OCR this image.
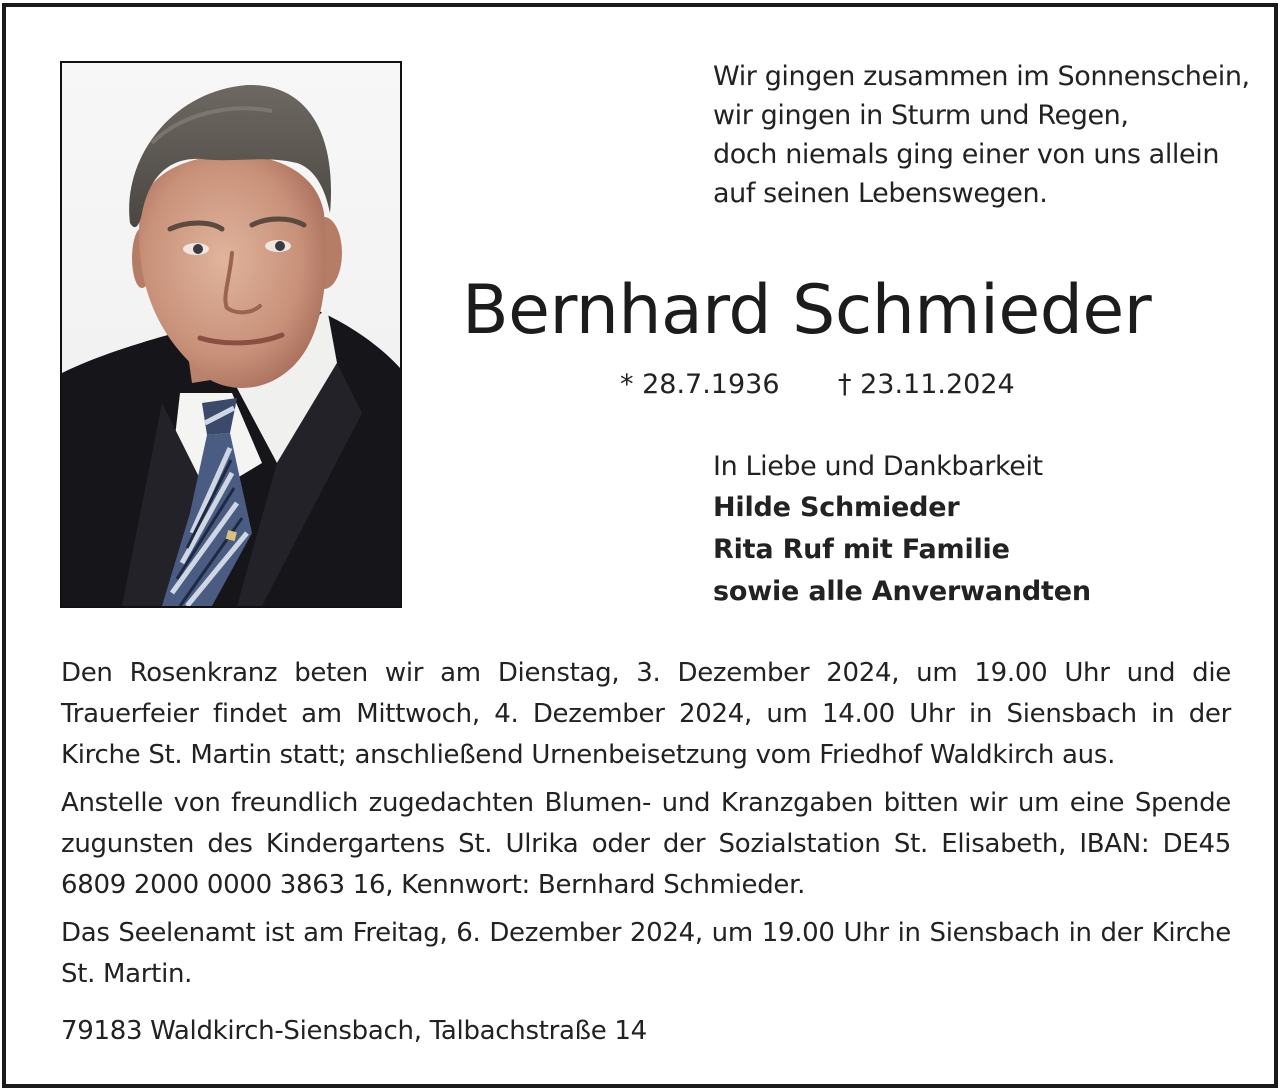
Wir gingen zusammen im Sonnenschein,
wir gingen in Sturm und Regen,
doch niemals ging einer von uns allein
auf seinen Lebenswegen.
Bernhard Schmieder
* 28.7.1936 † 23.11.2024
In Liebe und Dankbarkeit
Hilde Schmieder
Rita Ruf mit Familie
sowie alle Anverwandten
Den Rosenkranz beten wir am Dienstag, 3. Dezember 2024, um 19.00 Uhr und die Trauerfeier findet am Mittwoch, 4. Dezember 2024, um 14.00 Uhr in Siensbach in der Kirche St. Martin statt; anschließend Urnenbeisetzung vom Friedhof Waldkirch aus.
Anstelle von freundlich zugedachten Blumen- und Kranzgaben bitten wir um eine Spende zugunsten des Kindergartens St. Ulrika oder der Sozialstation St. Elisabeth, IBAN: DE45 6809 2000 0000 3863 16, Kennwort: Bernhard Schmieder.
Das Seelenamt ist am Freitag, 6. Dezember 2024, um 19.00 Uhr in Siensbach in der Kirche St. Martin.
79183 Waldkirch-Siensbach, Talbachstraße 14
